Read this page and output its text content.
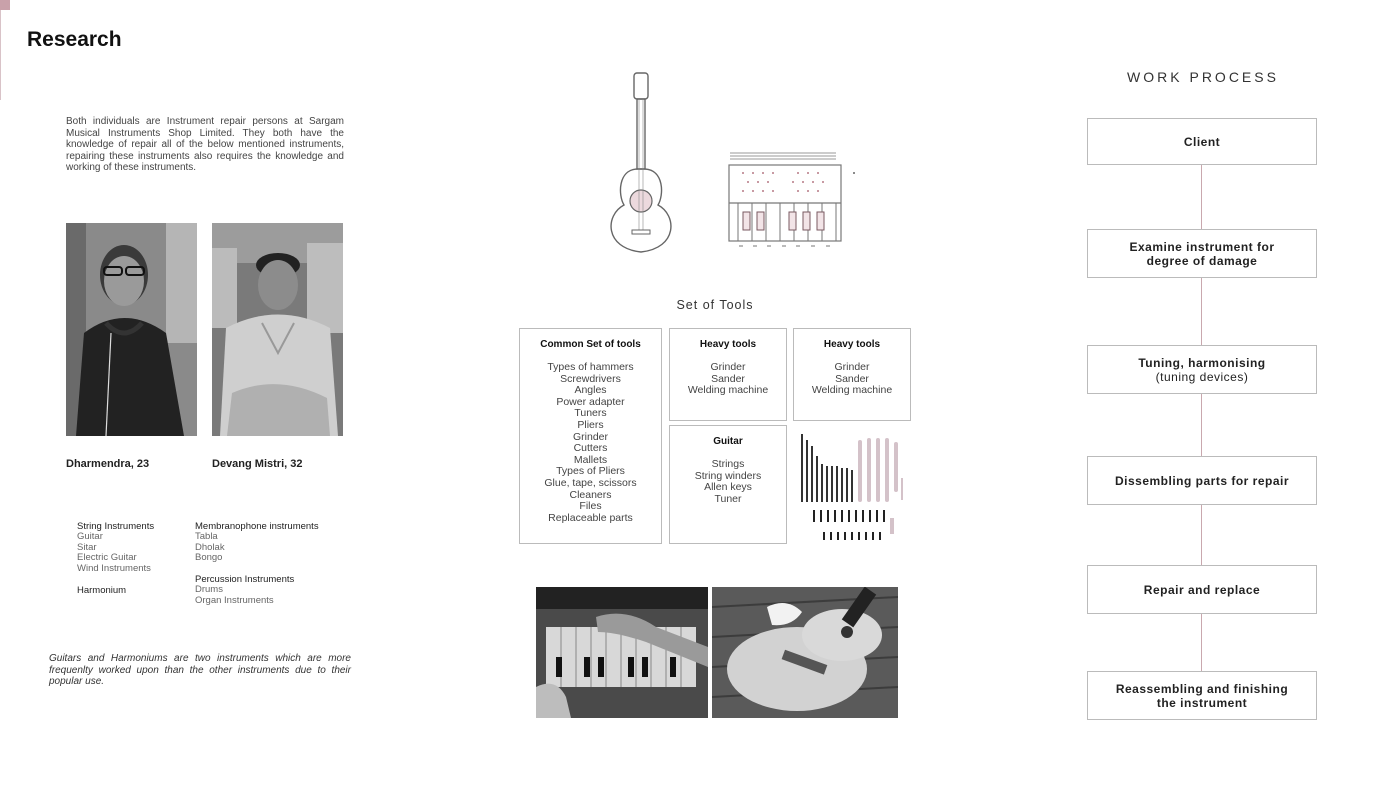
Research
Both individuals are Instrument repair persons at Sargam Musical Instruments Shop Limited. They both have the knowledge of repair all of the below mentioned instruments, repairing these instruments also requires the knowledge and working of these instruments.
Dharmendra, 23	Devang Mistri, 32
String Instruments
Guitar
Sitar
Electric Guitar
Wind Instruments
Harmonium
Membranophone instruments
Tabla
Dholak
Bongo
Percussion Instruments
Drums
Organ Instruments
Guitars and Harmoniums are two instruments which are more frequenlty worked upon than the other instruments due to their popular use.
Set of Tools
Common Set of tools
Types of hammers
Screwdrivers
Angles
Power adapter
Tuners
Pliers
Grinder
Cutters
Mallets
Types of Pliers
Glue, tape, scissors
Cleaners
Files
Replaceable parts
Heavy tools
Grinder
Sander
Welding machine
Heavy tools
Grinder
Sander
Welding machine
Guitar
Strings
String winders
Allen keys
Tuner
WORK PROCESS
Client
Examine instrument for degree of damage
Tuning, harmonising
(tuning devices)
Dissembling parts for repair
Repair and replace
Reassembling and finishing the instrument
